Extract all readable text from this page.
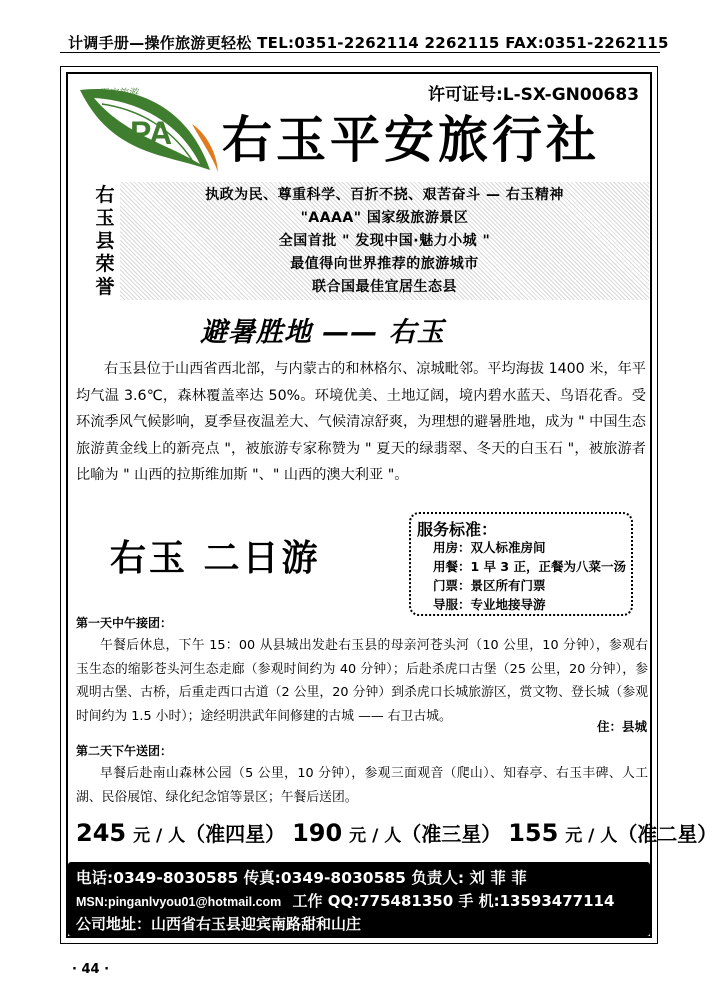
计调手册—操作旅游更轻松 TEL:0351-2262114 2262115 FAX:0351-2262115
许可证号:L-SX-GN00683
PA
平安旅游
右玉平安旅行社
右
玉
县
荣
誉
执政为民、尊重科学、百折不挠、艰苦奋斗 — 右玉精神
"AAAA" 国家级旅游景区
全国首批 " 发现中国·魅力小城 "
最值得向世界推荐的旅游城市
联合国最佳宜居生态县
避暑胜地 —— 右玉
右玉县位于山西省西北部，与内蒙古的和林格尔、凉城毗邻。平均海拔 1400 米，年平均气温 3.6℃，森林覆盖率达 50%。环境优美、土地辽阔，境内碧水蓝天、鸟语花香。受环流季风气候影响，夏季昼夜温差大、气候清凉舒爽，为理想的避暑胜地，成为 " 中国生态旅游黄金线上的新亮点 "，被旅游专家称赞为 " 夏天的绿翡翠、冬天的白玉石 "，被旅游者比喻为 " 山西的拉斯维加斯 "、" 山西的澳大利亚 "。
右玉 二日游
服务标准：
用房：双人标准房间
用餐：1 早 3 正，正餐为八菜一汤
门票：景区所有门票
导服：专业地接导游
第一天中午接团：
午餐后休息，下午 15：00 从县城出发赴右玉县的母亲河苍头河（10 公里，10 分钟），参观右玉生态的缩影苍头河生态走廊（参观时间约为 40 分钟）；后赴杀虎口古堡（25 公里，20 分钟），参观明古堡、古桥，后重走西口古道（2 公里，20 分钟）到杀虎口长城旅游区，赏文物、登长城（参观时间约为 1.5 小时）；途经明洪武年间修建的古城 —— 右卫古城。
住：县城
第二天下午送团：
早餐后赴南山森林公园（5 公里，10 分钟），参观三面观音（爬山）、知春亭、右玉丰碑、人工湖、民俗展馆、绿化纪念馆等景区；午餐后送团。
245 元 / 人（准四星） 190 元 / 人（准三星） 155 元 / 人（准二星）
电话:0349-8030585 传真:0349-8030585 负责人: 刘 菲 菲
MSN:pinganlvyou01@hotmail.com 工作 QQ:775481350 手 机:13593477114
公司地址：山西省右玉县迎宾南路甜和山庄
· 44 ·
